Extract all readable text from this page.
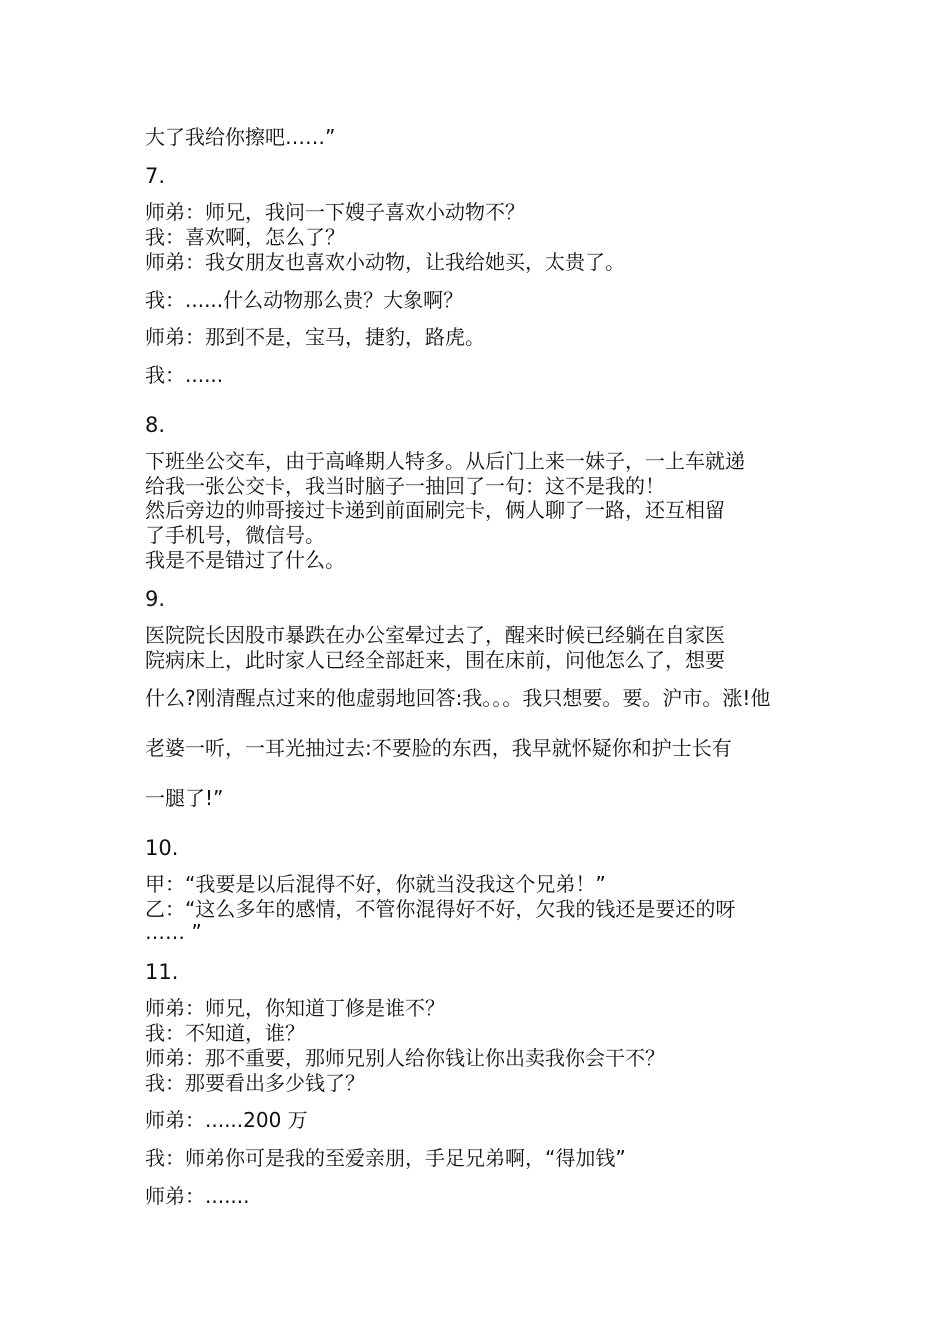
大了我给你擦吧……”
7.
师弟：师兄，我问一下嫂子喜欢小动物不？
我：喜欢啊，怎么了？
师弟：我女朋友也喜欢小动物，让我给她买，太贵了。
我：......什么动物那么贵？大象啊？
师弟：那到不是，宝马，捷豹，路虎。
我：......
8.
下班坐公交车，由于高峰期人特多。从后门上来一妹子，一上车就递
给我一张公交卡，我当时脑子一抽回了一句：这不是我的！
然后旁边的帅哥接过卡递到前面刷完卡，俩人聊了一路，还互相留
了手机号，微信号。
我是不是错过了什么。
9.
医院院长因股市暴跌在办公室晕过去了，醒来时候已经躺在自家医
院病床上，此时家人已经全部赶来，围在床前，问他怎么了，想要
什么?刚清醒点过来的他虚弱地回答:我。。。我只想要。要。沪市。涨!他
老婆一听，一耳光抽过去:不要脸的东西，我早就怀疑你和护士长有
一腿了!”
10.
甲：“我要是以后混得不好，你就当没我这个兄弟！”
乙：“这么多年的感情，不管你混得好不好，欠我的钱还是要还的呀
…… ”
11.
师弟：师兄，你知道丁修是谁不？
我：不知道，谁？
师弟：那不重要，那师兄别人给你钱让你出卖我你会干不？
我：那要看出多少钱了？
师弟：......200 万
我：师弟你可是我的至爱亲朋，手足兄弟啊，“得加钱”
师弟：.......
